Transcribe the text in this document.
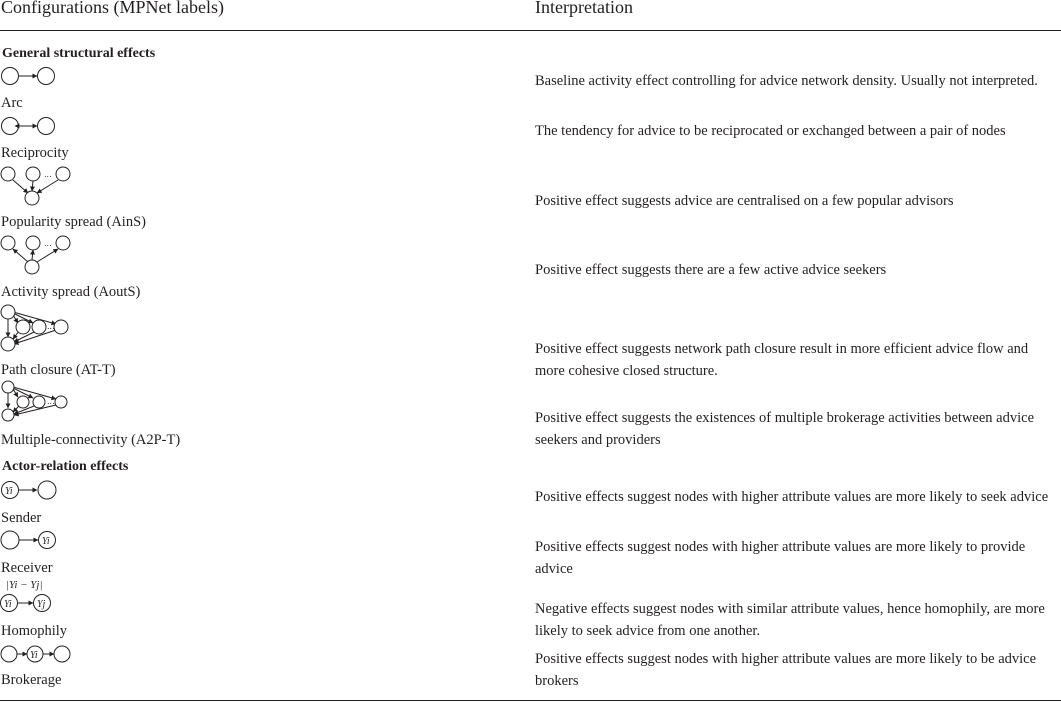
Configurations (MPNet labels)	Interpretation
General structural effects
Arc
Baseline activity effect controlling for advice network density. Usually not interpreted.
Reciprocity
The tendency for advice to be reciprocated or exchanged between a pair of nodes
...
Popularity spread (AinS)
Positive effect suggests advice are centralised on a few popular advisors
...
Activity spread (AoutS)
Positive effect suggests there are a few active advice seekers
...
Path closure (AT-T)
Positive effect suggests network path closure result in more efficient advice flow and more cohesive closed structure.
...
Multiple-connectivity (A2P-T)
Positive effect suggests the existences of multiple brokerage activities between advice seekers and providers
Actor-relation effects
Yi
Sender
Positive effects suggest nodes with higher attribute values are more likely to seek advice
Yi
Receiver
Positive effects suggest nodes with higher attribute values are more likely to provide advice
|Yi − Yj|
Yi	Yj
Homophily
Negative effects suggest nodes with similar attribute values, hence homophily, are more likely to seek advice from one another.
Yi
Brokerage
Positive effects suggest nodes with higher attribute values are more likely to be advice brokers
